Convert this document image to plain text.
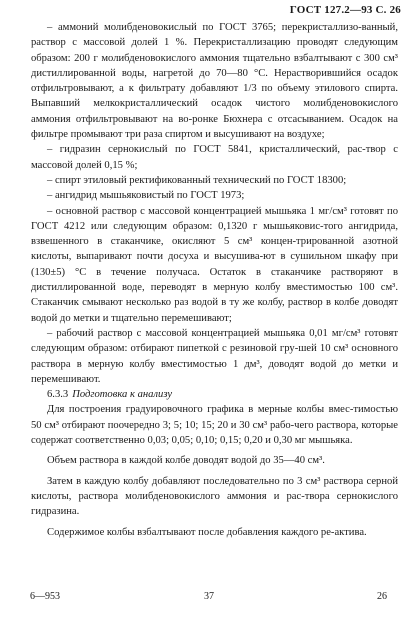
ГОСТ 127.2—93 С. 26

– аммоний молибденовокислый по ГОСТ 3765; перекристаллизо-ванный, раствор с массовой долей 1 %. Перекристаллизацию проводят следующим образом: 200 г молибденовокислого аммония тщательно взбалтывают с 300 см³ дистиллированной воды, нагретой до 70—80 °С. Нерастворившийся осадок отфильтровывают, а к фильтрату добавляют 1/3 по объему этилового спирта. Выпавший мелкокристаллический осадок чистого молибденовокислого аммония отфильтровывают на во-ронке Бюхнера с отсасыванием. Осадок на фильтре промывают три раза спиртом и высушивают на воздухе;

– гидразин сернокислый по ГОСТ 5841, кристаллический, рас-твор с массовой долей 0,15 %;

– спирт этиловый ректификованный технический по ГОСТ 18300;

– ангидрид мышьяковистый по ГОСТ 1973;

– основной раствор с массовой концентрацией мышьяка 1 мг/см³ готовят по ГОСТ 4212 или следующим образом: 0,1320 г мышьяковис-того ангидрида, взвешенного в стаканчике, окисляют 5 см³ концен-трированной азотной кислоты, выпаривают почти досуха и высушива-ют в сушильном шкафу при (130±5) °С в течение получаса. Остаток в стаканчике растворяют в дистиллированной воде, переводят в мерную колбу вместимостью 100 см³. Стаканчик смывают несколько раз водой в ту же колбу, раствор в колбе доводят водой до метки и тщательно перемешивают;

– рабочий раствор с массовой концентрацией мышьяка 0,01 мг/см³ готовят следующим образом: отбирают пипеткой с резиновой гру-шей 10 см³ основного раствора в мерную колбу вместимостью 1 дм³, доводят водой до метки и перемешивают.

6.3.3 Подготовка к анализу

Для построения градуировочного графика в мерные колбы вмес-тимостью 50 см³ отбирают поочередно 3; 5; 10; 15; 20 и 30 см³ рабо-чего раствора, которые содержат соответственно 0,03; 0,05; 0,10; 0,15; 0,20 и 0,30 мг мышьяка.

Объем раствора в каждой колбе доводят водой до 35—40 см³.

Затем в каждую колбу добавляют последовательно по 3 см³ раствора серной кислоты, раствора молибденовокислого аммония и рас-твора сернокислого гидразина.

Содержимое колбы взбалтывают после добавления каждого ре-актива.

6—953	37	26
